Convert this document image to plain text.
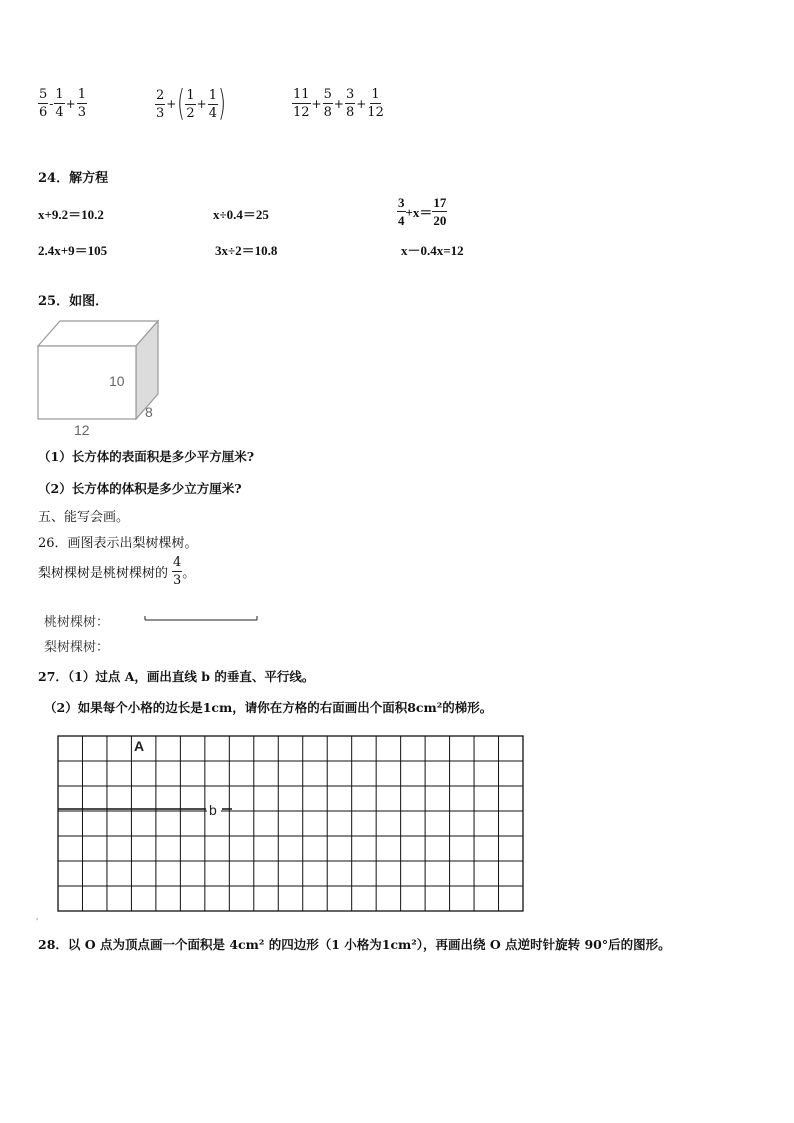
$\frac{5}{6} - \frac{1}{4} + \frac{1}{3}$	$\frac{2}{3}$ + ( $\frac{1}{2} + \frac{1}{4}$ )	$\frac{11}{12} + \frac{5}{8} + \frac{3}{8} + \frac{1}{12}$
24．解方程
x+9.2＝10.2	x÷0.4＝25	$\frac{3}{4} +x= \frac{17}{20}$
2.4x+9＝105	3x÷2＝10.8	x－0.4x=12
25．如图．
10
12
8
（1）长方体的表面积是多少平方厘米?
（2）长方体的体积是多少立方厘米?
五、能写会画。
26．画图表示出梨树棵树。
梨树棵树是桃树棵树的 $\frac{4}{3}$ 。
桃树棵树：
梨树棵树：
27．（1）过点 A，画出直线 b 的垂直、平行线。
（2）如果每个小格的边长是1cm，请你在方格的右面画出个面积8cm²的梯形。
b
A
'
28．以 O 点为顶点画一个面积是 4cm² 的四边形（1 小格为1cm²），再画出绕 O 点逆时针旋转 90°后的图形。
